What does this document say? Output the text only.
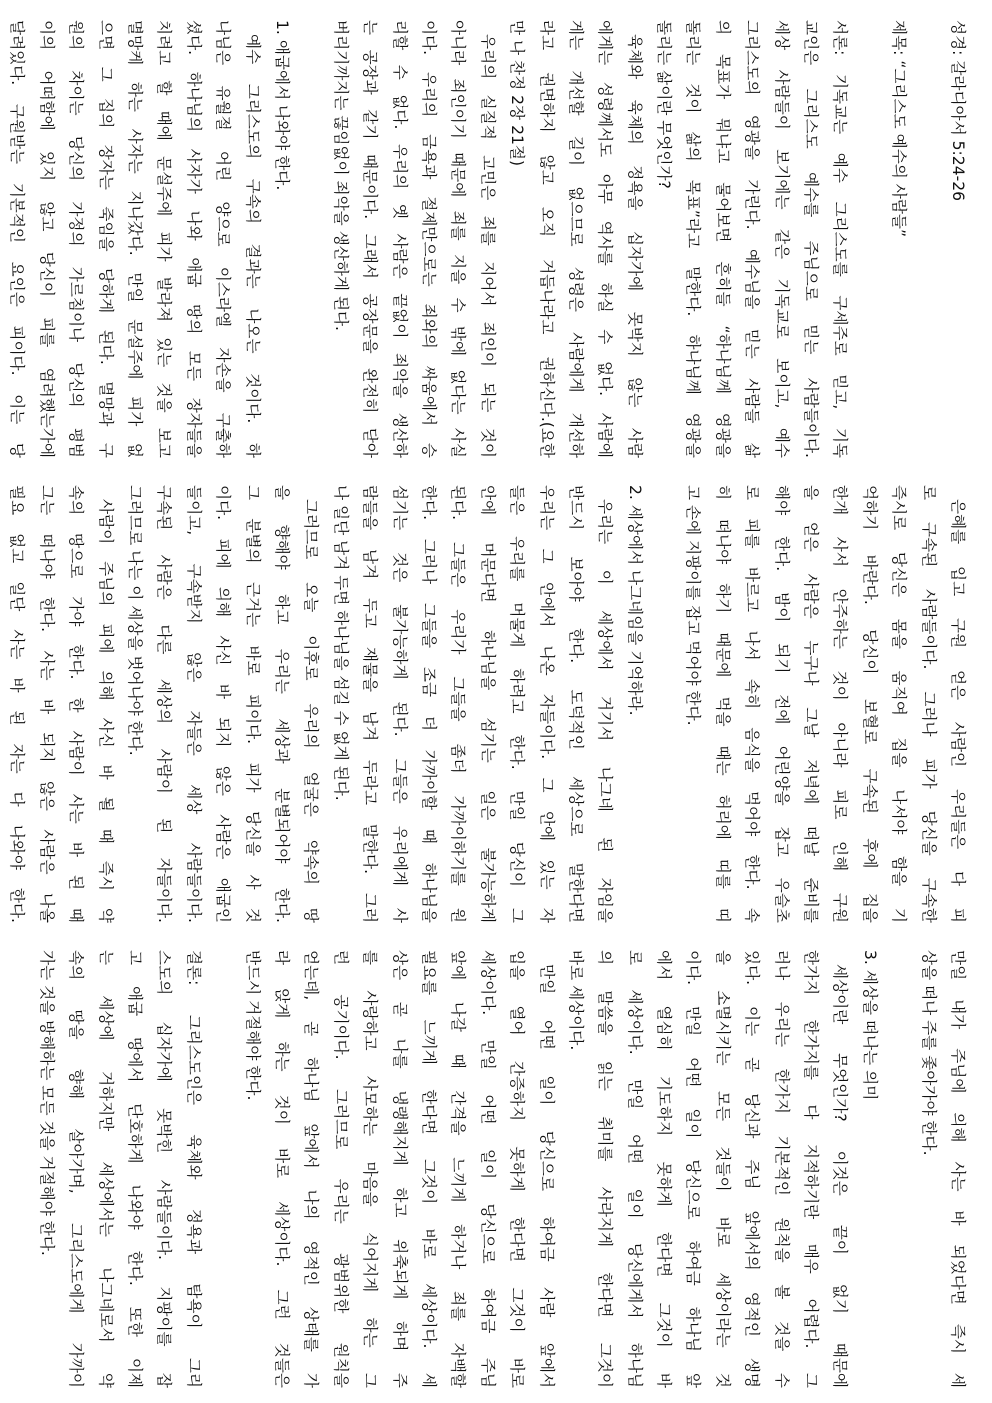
성경: 갈라디아서 5:24-26
제목: “그리스도 예수의 사람들”
서론: 기독교는 예수 그리스도를 구세주로 믿고, 기독
교인은 그리스도 예수를 주님으로 믿는 사람들이다.
세상 사람들이 보기에는 같은 기독교로 보이고, 예수
그리스도의 영광을 가린다. 예수님을 믿는 사람들 삶
의 목표가 뭐냐고 물어보면 흔히들 “하나님께 영광을
돌리는 것이 삶의 목표”라고 말한다. 하나님께 영광을
돌리는 삶이란 무엇인가?
육체와 육체의 정욕을 십자가에 못박지 않는 사람
에게는 성령께서도 아무 역사를 하실 수 없다. 사람에
게는 개선할 길이 없으므로 성령은 사람에게 개선하
라고 권면하지 않고 오직 거듭나라고 권하신다.(요한
만 나 찬정 2장 21절)
우리의 실질적 고민은 죄를 지어서 죄인이 되는 것이
아니라 죄인이기 때문에 죄를 지을 수 밖에 없다는 사실
이다. 우리의 금욕과 절제만으로는 죄와의 싸움에서 승
리할 수 없다. 우리의 옛 사람은 끝없이 죄악을 생산하
는 공장과 같기 때문이다. 그래서 공장문을 완전히 닫아
버리기까지는 끊임없이 죄악을 생산하게 된다.
1. 애굽에서 나와야 한다.
예수 그리스도의 구속의 결과는 나오는 것이다. 하
나님은 유월절 어린 양으로 이스라엘 자손을 구출하
셨다. 하나님의 사자가 나와 애굽 땅의 모든 장자들을
치려고 할 때에 문설주에 피가 발라져 있는 것을 보고
멸망케 하는 사자는 지나갔다. 만일 문설주에 피가 없
으면 그 집의 장자는 죽임을 당하게 된다. 멸망과 구
원의 차이는 당신의 가정의 가르침이나 당신의 평범
이의 어떠함에 있지 않고 당신이 피를 염려했는가에
달려있다. 구원받는 기본적인 요인은 피이다. 이는 당
은혜를 입고 구원 얻은 사람인 우리들은 다 피
로 구속된 사람들이다. 그러나 피가 당신을 구속한
즉시로 당신은 몸을 움직여 집을 나서야 함을 기
억하기 바란다. 당신이 보혈로 구속된 후에 집을
한개 사서 안주하는 것이 아니라 피로 인해 구원
을 얻은 사람은 누구나 그날 저녁에 떠날 준비를
해야 한다. 밤이 되기 전에 어린양을 잡고 우슬초
로 피를 바르고 나서 속히 음식을 먹어야 한다. 속
히 떠나야 하기 때문에 먹을 때는 허리에 띠를 띠
고 손에 지팡이를 잡고 먹어야 한다.
2. 세상에서 나그네임을 기억하라.
우리는 이 세상에서 거기서 나그네 된 자임을
반드시 보아야 한다. 도덕적인 세상으로 말한다면
우리는 그 안에서 나온 자들이다. 그 안에 있는 자
들은 우리를 머물게 하려고 한다. 만일 당신이 그
안에 머문다면 하나님을 섬기는 일은 불가능하게
된다. 그들은 우리가 그들을 좀더 가까이하기를 원
한다. 그러나 그들을 조금 더 가까이할 때 하나님을
섬기는 것은 불가능하게 된다. 그들은 우리에게 사
람들을 남겨 두고 재물을 남겨 두라고 말한다. 그러
나 일단 남겨 두면 하나님을 섬길 수 없게 된다.
그러므로 오늘 이후로 우리의 얼굴은 약속의 땅
을 향해야 하고 우리는 세상과 분별되어야 한다.
그 분별의 근거는 바로 피이다. 피가 당신을 사 것
이다. 피에 의해 사신 바 되지 않은 사람은 애굽인
들이고, 구속받지 않은 자들은 세상 사람들이다.
구속된 사람은 다른 세상의 사람이 된 자들이다.
그러므로 나는 이 세상을 벗어나야 한다.
사람이 주님의 피에 의해 사신 바 될 때 즉시 약
속의 땅으로 가야 한다. 한 사람이 사는 바 된 때
그는 떠나야 한다. 사는 바 되지 않은 사람은 나올
필요 없고 일단 사는 바 된 자는 다 나와야 한다.
만일 내가 주님에 의해 사는 바 되었다면 즉시 세
상을 떠나 주를 좇아가야 한다.
3. 세상을 떠나는 의미
세상이란 무엇인가? 이것은 끝이 없기 때문에
한가지 한가지를 다 지적하기란 매우 어렵다. 그
러나 우리는 한가지 기본적인 원칙을 볼 것을 수
있다. 이는 곧 당신과 주님 앞에서의 영적인 생명
을 소멸시키는 모든 것들이 바로 세상이라는 것
이다. 만일 어떤 일이 당신으로 하여금 하나님 앞
에서 열심히 기도하지 못하게 한다면 그것이 바
로 세상이다. 만일 어떤 일이 당신에게서 하나님
의 말씀을 읽는 취미를 사라지게 한다면 그것이
바로 세상이다.
만일 어떤 일이 당신으로 하여금 사람 앞에서
입을 열어 간증하지 못하게 한다면 그것이 바로
세상이다. 만일 어떤 일이 당신으로 하여금 주님
앞에 나갈 때 간격을 느끼게 하거나 죄를 자백할
필요를 느끼게 한다면 그것이 바로 세상이다. 세
상은 곧 나를 냉랭해지게 하고 위축되게 하며 주
를 사랑하고 사모하는 마음을 식어지게 하는 그
런 공기이다. 그러므로 우리는 광범위한 원칙을
얻는데, 곧 하나님 앞에서 나의 영적인 상태를 가
라 앉게 하는 것이 바로 세상이다. 그런 것들은
반드시 거절해야 한다.
결론: 그리스도인은 육체와 정욕과 탐욕이 그리
스도의 십자가에 못박힌 사람들이다. 지팡이를 잡
고 애굽 땅에서 단호하게 나와야 한다. 또한 이제
는 세상에 거하지만 세상에서는 나그네로서 약
속의 땅을 향해 살아가며, 그리스도에게 가까이
가는 것을 방해하는 모든 것을 거절해야 한다.
